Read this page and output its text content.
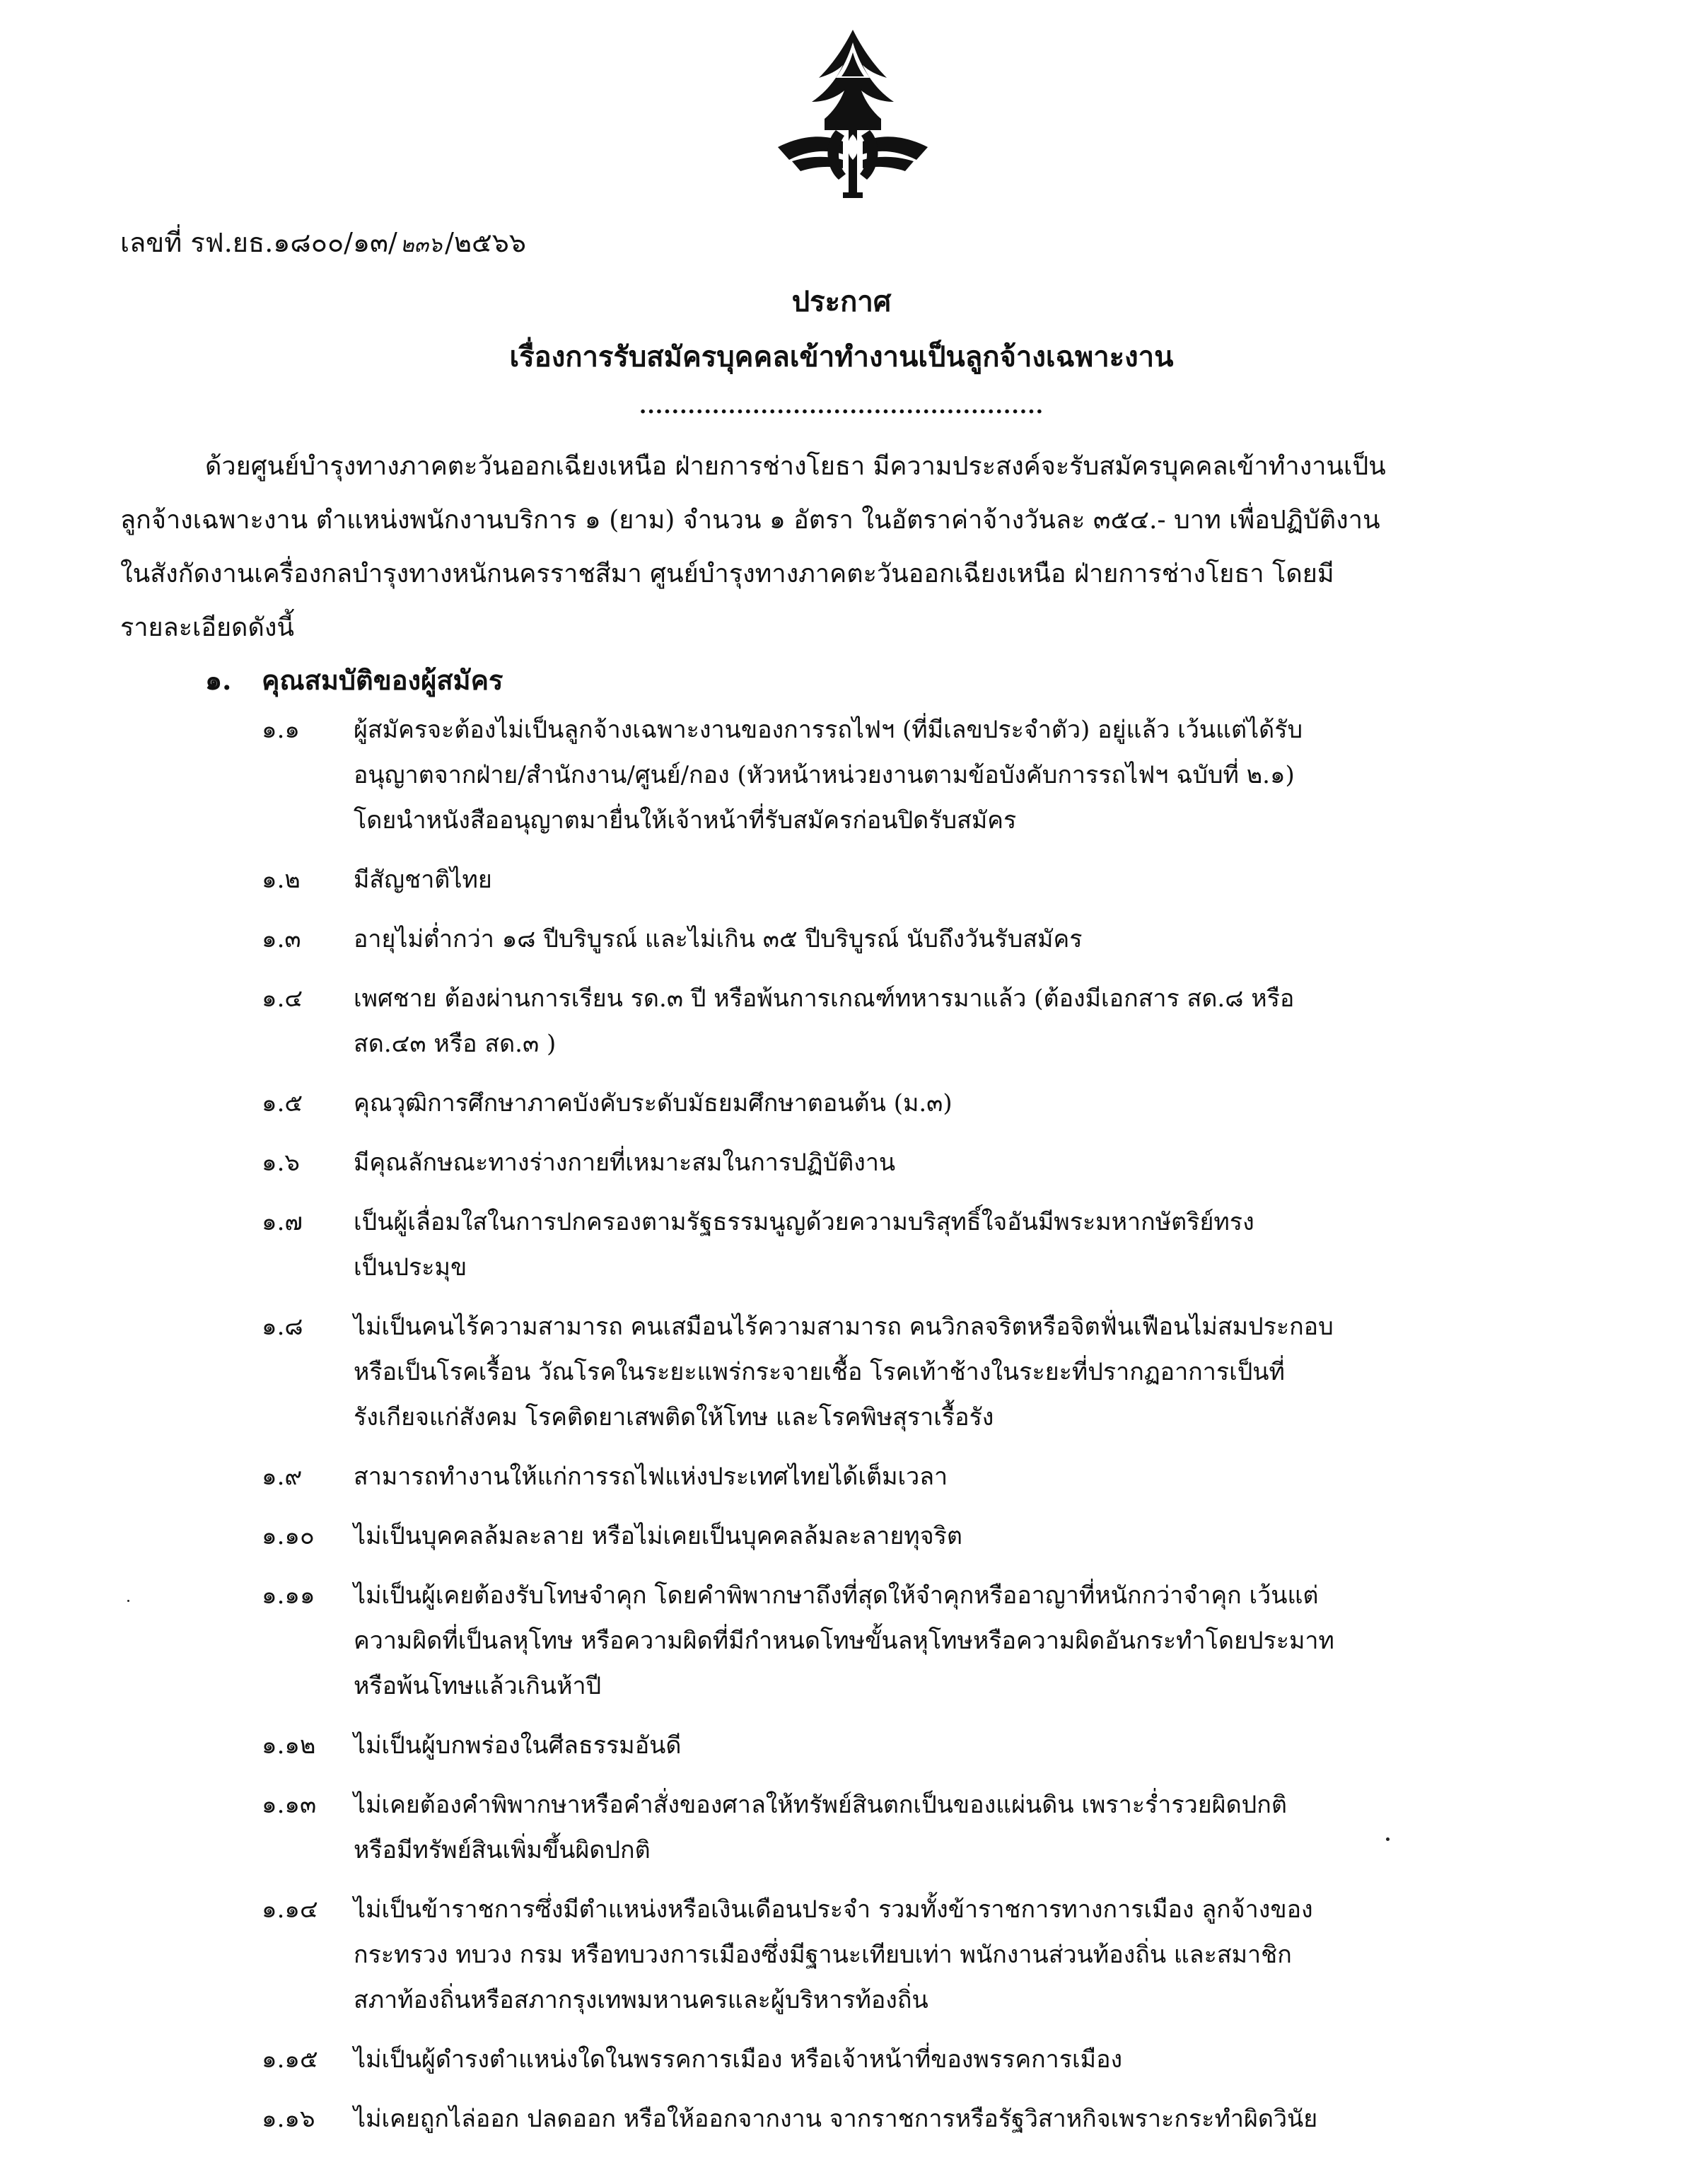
เลขที่ รฟ.ยธ.๑๘๐๐/๑๓/ ๒๓๖ /๒๕๖๖
ประกาศ
เรื่องการรับสมัครบุคคลเข้าทำงานเป็นลูกจ้างเฉพาะงาน
..................................................
ด้วยศูนย์บำรุงทางภาคตะวันออกเฉียงเหนือ ฝ่ายการช่างโยธา มีความประสงค์จะรับสมัครบุคคลเข้าทำงานเป็น
ลูกจ้างเฉพาะงาน ตำแหน่งพนักงานบริการ ๑ (ยาม) จำนวน ๑ อัตรา ในอัตราค่าจ้างวันละ ๓๕๔.- บาท เพื่อปฏิบัติงาน
ในสังกัดงานเครื่องกลบำรุงทางหนักนครราชสีมา ศูนย์บำรุงทางภาคตะวันออกเฉียงเหนือ ฝ่ายการช่างโยธา โดยมี
รายละเอียดดังนี้
๑. คุณสมบัติของผู้สมัคร
๑.๑ ผู้สมัครจะต้องไม่เป็นลูกจ้างเฉพาะงานของการรถไฟฯ (ที่มีเลขประจำตัว) อยู่แล้ว เว้นแต่ได้รับ
อนุญาตจากฝ่าย/สำนักงาน/ศูนย์/กอง (หัวหน้าหน่วยงานตามข้อบังคับการรถไฟฯ ฉบับที่ ๒.๑)
โดยนำหนังสืออนุญาตมายื่นให้เจ้าหน้าที่รับสมัครก่อนปิดรับสมัคร
๑.๒ มีสัญชาติไทย
๑.๓ อายุไม่ต่ำกว่า ๑๘ ปีบริบูรณ์ และไม่เกิน ๓๕ ปีบริบูรณ์ นับถึงวันรับสมัคร
๑.๔ เพศชาย ต้องผ่านการเรียน รด.๓ ปี หรือพ้นการเกณฑ์ทหารมาแล้ว (ต้องมีเอกสาร สด.๘ หรือ
สด.๔๓ หรือ สด.๓ )
๑.๕ คุณวุฒิการศึกษาภาคบังคับระดับมัธยมศึกษาตอนต้น (ม.๓)
๑.๖ มีคุณลักษณะทางร่างกายที่เหมาะสมในการปฏิบัติงาน
๑.๗ เป็นผู้เลื่อมใสในการปกครองตามรัฐธรรมนูญด้วยความบริสุทธิ์ใจอันมีพระมหากษัตริย์ทรง
เป็นประมุข
๑.๘ ไม่เป็นคนไร้ความสามารถ คนเสมือนไร้ความสามารถ คนวิกลจริตหรือจิตฟั่นเฟือนไม่สมประกอบ
หรือเป็นโรคเรื้อน วัณโรคในระยะแพร่กระจายเชื้อ โรคเท้าช้างในระยะที่ปรากฏอาการเป็นที่
รังเกียจแก่สังคม โรคติดยาเสพติดให้โทษ และโรคพิษสุราเรื้อรัง
๑.๙ สามารถทำงานให้แก่การรถไฟแห่งประเทศไทยได้เต็มเวลา
๑.๑๐ ไม่เป็นบุคคลล้มละลาย หรือไม่เคยเป็นบุคคลล้มละลายทุจริต
๑.๑๑ ไม่เป็นผู้เคยต้องรับโทษจำคุก โดยคำพิพากษาถึงที่สุดให้จำคุกหรืออาญาที่หนักกว่าจำคุก เว้นแต่
ความผิดที่เป็นลหุโทษ หรือความผิดที่มีกำหนดโทษขั้นลหุโทษหรือความผิดอันกระทำโดยประมาท
หรือพ้นโทษแล้วเกินห้าปี
๑.๑๒ ไม่เป็นผู้บกพร่องในศีลธรรมอันดี
๑.๑๓ ไม่เคยต้องคำพิพากษาหรือคำสั่งของศาลให้ทรัพย์สินตกเป็นของแผ่นดิน เพราะร่ำรวยผิดปกติ
หรือมีทรัพย์สินเพิ่มขึ้นผิดปกติ
๑.๑๔ ไม่เป็นข้าราชการซึ่งมีตำแหน่งหรือเงินเดือนประจำ รวมทั้งข้าราชการทางการเมือง ลูกจ้างของ
กระทรวง ทบวง กรม หรือทบวงการเมืองซึ่งมีฐานะเทียบเท่า พนักงานส่วนท้องถิ่น และสมาชิก
สภาท้องถิ่นหรือสภากรุงเทพมหานครและผู้บริหารท้องถิ่น
๑.๑๕ ไม่เป็นผู้ดำรงตำแหน่งใดในพรรคการเมือง หรือเจ้าหน้าที่ของพรรคการเมือง
๑.๑๖ ไม่เคยถูกไล่ออก ปลดออก หรือให้ออกจากงาน จากราชการหรือรัฐวิสาหกิจเพราะกระทำผิดวินัย
